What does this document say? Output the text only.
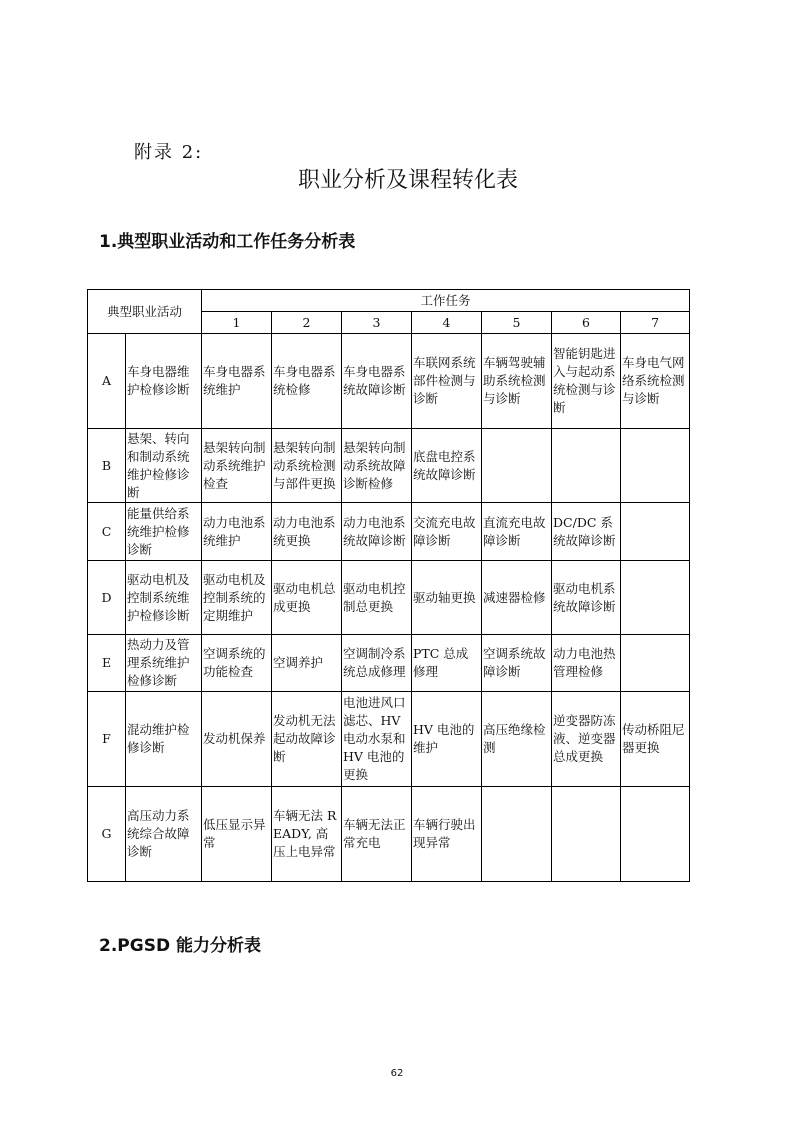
附录 2:
职业分析及课程转化表
1.典型职业活动和工作任务分析表
典型职业活动		工作任务						
		1	2	3	4	5	6	7
A	车身电器维护检修诊断	车身电器系统维护	车身电器系统检修	车身电器系统故障诊断	车联网系统部件检测与诊断	车辆驾驶辅助系统检测与诊断	智能钥匙进入与起动系统检测与诊断	车身电气网络系统检测与诊断
B	悬架、转向和制动系统维护检修诊断	悬架转向制动系统维护检查	悬架转向制动系统检测与部件更换	悬架转向制动系统故障诊断检修	底盘电控系统故障诊断			
C	能量供给系统维护检修诊断	动力电池系统维护	动力电池系统更换	动力电池系统故障诊断	交流充电故障诊断	直流充电故障诊断	DC/DC 系统故障诊断	
D	驱动电机及控制系统维护检修诊断	驱动电机及控制系统的定期维护	驱动电机总成更换	驱动电机控制总更换	驱动轴更换	减速器检修	驱动电机系统故障诊断	
E	热动力及管理系统维护检修诊断	空调系统的功能检查	空调养护	空调制冷系统总成修理	PTC 总成修理	空调系统故障诊断	动力电池热管理检修	
F	混动维护检修诊断	发动机保养	发动机无法起动故障诊断	电池进风口滤芯、HV 电动水泵和 HV 电池的更换	HV 电池的维护	高压绝缘检测	逆变器防冻液、逆变器总成更换	传动桥阻尼器更换
G	高压动力系统综合故障诊断	低压显示异常	车辆无法 READY, 高压上电异常	车辆无法正常充电	车辆行驶出现异常			
2.PGSD 能力分析表
62
